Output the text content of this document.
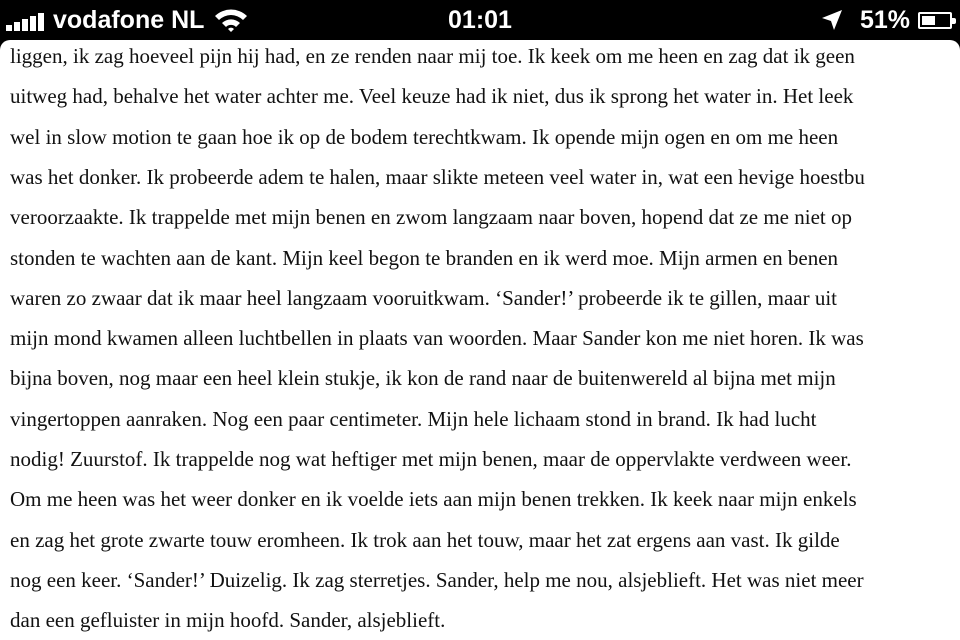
vodafone NL	01:01	51%
liggen, ik zag hoeveel pijn hij had, en ze renden naar mij toe. Ik keek om me heen en zag dat ik geen
uitweg had, behalve het water achter me. Veel keuze had ik niet, dus ik sprong het water in. Het leek
wel in slow motion te gaan hoe ik op de bodem terechtkwam. Ik opende mijn ogen en om me heen
was het donker. Ik probeerde adem te halen, maar slikte meteen veel water in, wat een hevige hoestbu
veroorzaakte. Ik trappelde met mijn benen en zwom langzaam naar boven, hopend dat ze me niet op
stonden te wachten aan de kant. Mijn keel begon te branden en ik werd moe. Mijn armen en benen
waren zo zwaar dat ik maar heel langzaam vooruitkwam. ‘Sander!’ probeerde ik te gillen, maar uit
mijn mond kwamen alleen luchtbellen in plaats van woorden. Maar Sander kon me niet horen. Ik was
bijna boven, nog maar een heel klein stukje, ik kon de rand naar de buitenwereld al bijna met mijn
vingertoppen aanraken. Nog een paar centimeter. Mijn hele lichaam stond in brand. Ik had lucht
nodig! Zuurstof. Ik trappelde nog wat heftiger met mijn benen, maar de oppervlakte verdween weer.
Om me heen was het weer donker en ik voelde iets aan mijn benen trekken. Ik keek naar mijn enkels
en zag het grote zwarte touw eromheen. Ik trok aan het touw, maar het zat ergens aan vast. Ik gilde
nog een keer. ‘Sander!’ Duizelig. Ik zag sterretjes. Sander, help me nou, alsjeblieft. Het was niet meer
dan een gefluister in mijn hoofd. Sander, alsjeblieft.
